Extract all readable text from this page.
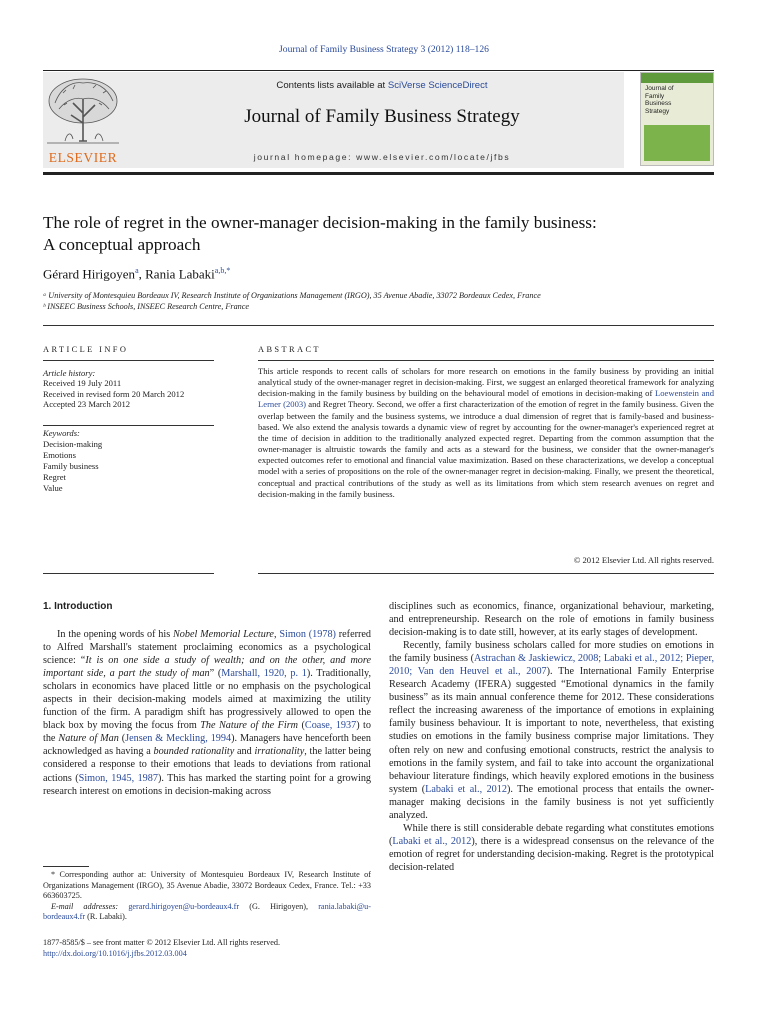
Journal of Family Business Strategy 3 (2012) 118–126
ELSEVIER
Contents lists available at SciVerse ScienceDirect
Journal of Family Business Strategy
journal homepage: www.elsevier.com/locate/jfbs
Journal of
Family
Business
Strategy
The role of regret in the owner-manager decision-making in the family business:
A conceptual approach
Gérard Hirigoyen$^a$, Rania Labaki$^{a,b,*}$
ᵃ University of Montesquieu Bordeaux IV, Research Institute of Organizations Management (IRGO), 35 Avenue Abadie, 33072 Bordeaux Cedex, France
ᵇ INSEEC Business Schools, INSEEC Research Centre, France
ARTICLE INFO
Article history:
Received 19 July 2011
Received in revised form 20 March 2012
Accepted 23 March 2012
Keywords:
Decision-making
Emotions
Family business
Regret
Value
ABSTRACT
This article responds to recent calls of scholars for more research on emotions in the family business by providing an initial analytical study of the owner-manager regret in decision-making. First, we suggest an enlarged theoretical framework for analyzing decision-making in the family business by building on the behavioural model of emotions in decision-making of Loewenstein and Lerner (2003) and Regret Theory. Second, we offer a first characterization of the emotion of regret in the family business. Given the overlap between the family and the business systems, we introduce a dual dimension of regret that is family-based and business-based. We also extend the analysis towards a dynamic view of regret by accounting for the owner-manager's experienced regret at the time of decision in addition to the traditionally analyzed expected regret. Departing from the common assumption that the owner-manager is altruistic towards the family and acts as a steward for the business, we consider that the owner-manager's expected outcomes refer to emotional and financial value maximization. Based on these characterizations, we develop a conceptual model with a series of propositions on the role of the owner-manager regret in decision-making. Finally, we present the theoretical, conceptual and practical contributions of the study as well as its limitations from which stem research avenues on regret and decision-making in the family business.
© 2012 Elsevier Ltd. All rights reserved.
1. Introduction

In the opening words of his Nobel Memorial Lecture, Simon (1978) referred to Alfred Marshall's statement proclaiming economics as a psychological science: “It is on one side a study of wealth; and on the other, and more important side, a part the study of man” (Marshall, 1920, p. 1). Traditionally, scholars in economics have placed little or no emphasis on the psychological aspects in their decision-making models aimed at maximizing the utility function of the firm. A paradigm shift has progressively allowed to open the black box by moving the focus from The Nature of the Firm (Coase, 1937) to the Nature of Man (Jensen & Meckling, 1994). Managers have henceforth been acknowledged as having a bounded rationality and irrationality, the latter being considered a response to their emotions that leads to deviations from rational actions (Simon, 1945, 1987). This has marked the starting point for a growing research interest on emotions in decision-making across

disciplines such as economics, finance, organizational behaviour, marketing, and entrepreneurship. Research on the role of emotions in family business decision-making is to date still, however, at its early stages of development.

Recently, family business scholars called for more studies on emotions in the family business (Astrachan & Jaskiewicz, 2008; Labaki et al., 2012; Pieper, 2010; Van den Heuvel et al., 2007). The International Family Enterprise Research Academy (IFERA) suggested “Emotional dynamics in the family business” as its main annual conference theme for 2012. These considerations reflect the increasing awareness of the importance of emotions in explaining family business behaviour. It is important to note, nevertheless, that existing studies on emotions in the family business comprise major limitations. They often rely on new and confusing emotional constructs, restrict the analysis to emotions in the family system, and fail to take into account the organizational behaviour literature findings, which heavily explored emotions in the business system (Labaki et al., 2012). The emotional process that entails the owner-manager making decisions in the family business is not yet sufficiently analyzed.

While there is still considerable debate regarding what constitutes emotions (Labaki et al., 2012), there is a widespread consensus on the relevance of the emotion of regret for understanding decision-making. Regret is the prototypical decision-related

* Corresponding author at: University of Montesquieu Bordeaux IV, Research Institute of Organizations Management (IRGO), 35 Avenue Abadie, 33072 Bordeaux Cedex, France. Tel.: +33 663603725.
E-mail addresses: gerard.hirigoyen@u-bordeaux4.fr (G. Hirigoyen), rania.labaki@u-bordeaux4.fr (R. Labaki).
1877-8585/$ – see front matter © 2012 Elsevier Ltd. All rights reserved.
http://dx.doi.org/10.1016/j.jfbs.2012.03.004
